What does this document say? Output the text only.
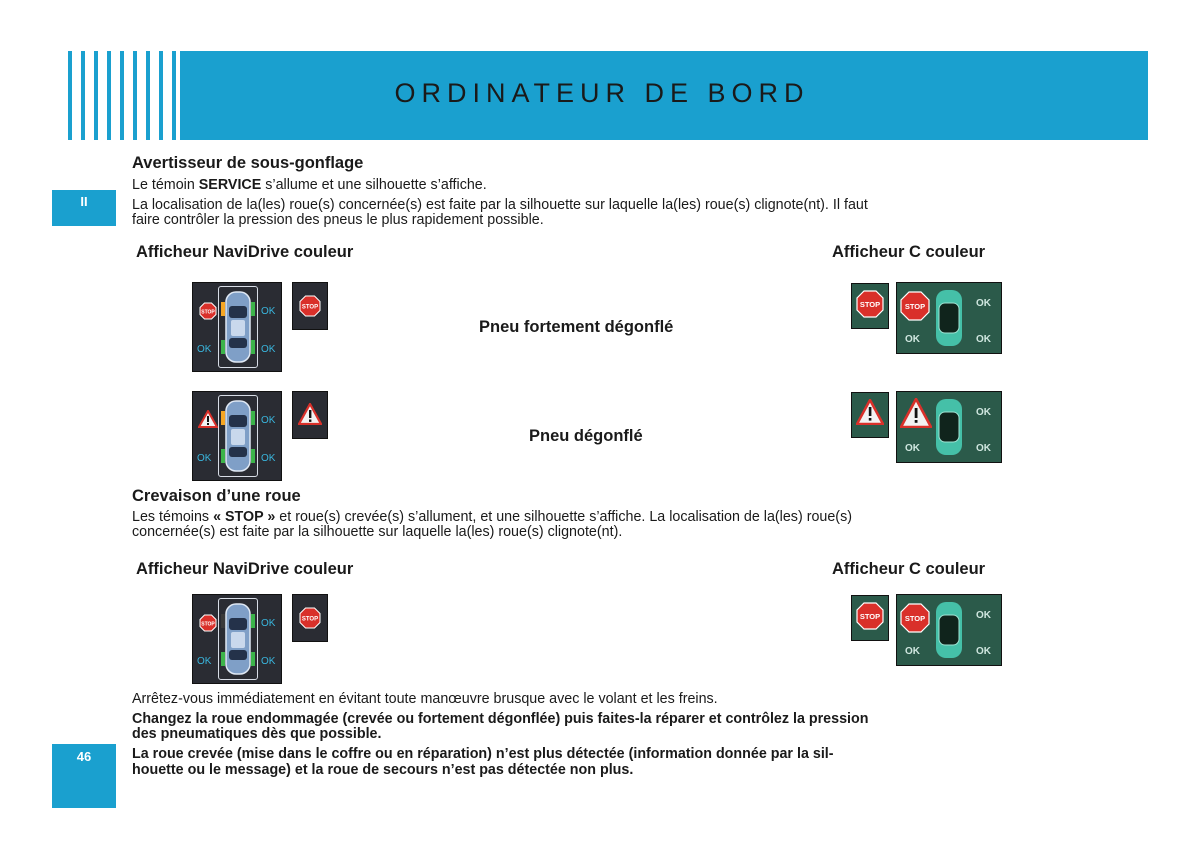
ORDINATEUR DE BORD
II
46
Avertisseur de sous-gonflage
Le témoin SERVICE s’allume et une silhouette s’affiche.
La localisation de la(les) roue(s) concernée(s) est faite par la silhouette sur laquelle la(les) roue(s) clignote(nt). Il faut
faire contrôler la pression des pneus le plus rapidement possible.
Afficheur NaviDrive couleur	Afficheur C couleur
Pneu fortement dégonflé
Pneu dégonflé
STOP	OK
OK	OK
STOP
OK
OK	OK
STOP	STOP	OK
OK	OK
OK
OK	OK
Crevaison d’une roue
Les témoins « STOP » et roue(s) crevée(s) s’allument, et une silhouette s’affiche. La localisation de la(les) roue(s)
concernée(s) est faite par la silhouette sur laquelle la(les) roue(s) clignote(nt).
Afficheur NaviDrive couleur	Afficheur C couleur
STOP	OK
OK	OK
STOP	STOP	STOP	OK
OK	OK
Arrêtez-vous immédiatement en évitant toute manœuvre brusque avec le volant et les freins.
Changez la roue endommagée (crevée ou fortement dégonflée) puis faites-la réparer et contrôlez la pression
des pneumatiques dès que possible.
La roue crevée (mise dans le coffre ou en réparation) n’est plus détectée (information donnée par la sil-
houette ou le message) et la roue de secours n’est pas détectée non plus.
